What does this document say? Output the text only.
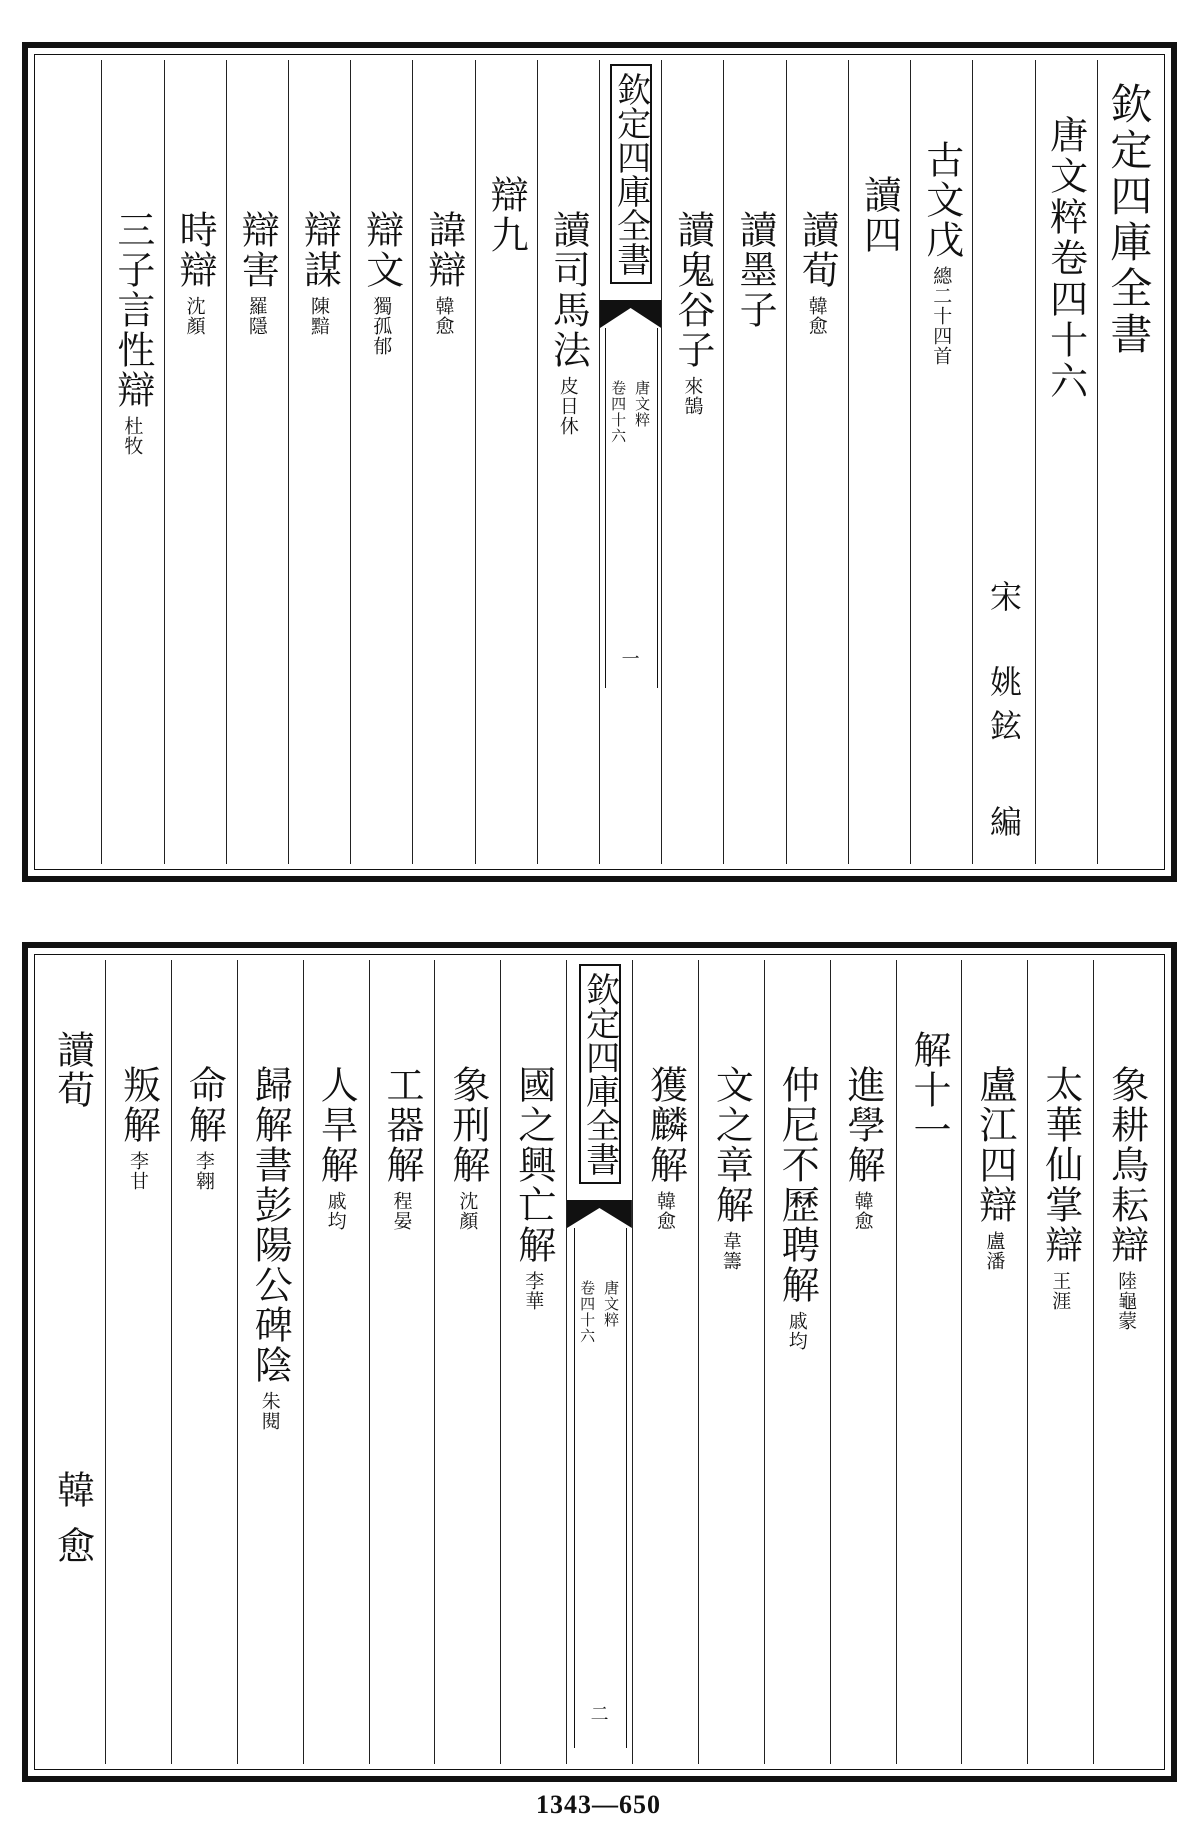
欽定四庫全書
唐文粹卷四十六
宋
姚鉉
編
古文戊
總二十四首
讀四
讀荀
韓愈
讀墨子
讀鬼谷子
來鵠
欽定四庫全書
唐文粹
卷四十六
一
讀司馬法
皮日休
辯九
諱辯
韓愈
辯文
獨孤郁
辯謀
陳黯
辯害
羅隱
時辯
沈顏
三子言性辯
杜牧
象耕鳥耘辯
陸龜蒙
太華仙掌辯
王涯
盧江四辯
盧潘
解十一
進學解
韓愈
仲尼不歷聘解
戚均
文之章解
韋籌
獲麟解
韓愈
欽定四庫全書
唐文粹
卷四十六
二
國之興亡解
李華
象刑解
沈顏
工器解
程晏
人旱解
戚均
歸解書彭陽公碑陰
朱閱
命解
李翱
叛解
李甘
讀荀
韓愈
1343—650
